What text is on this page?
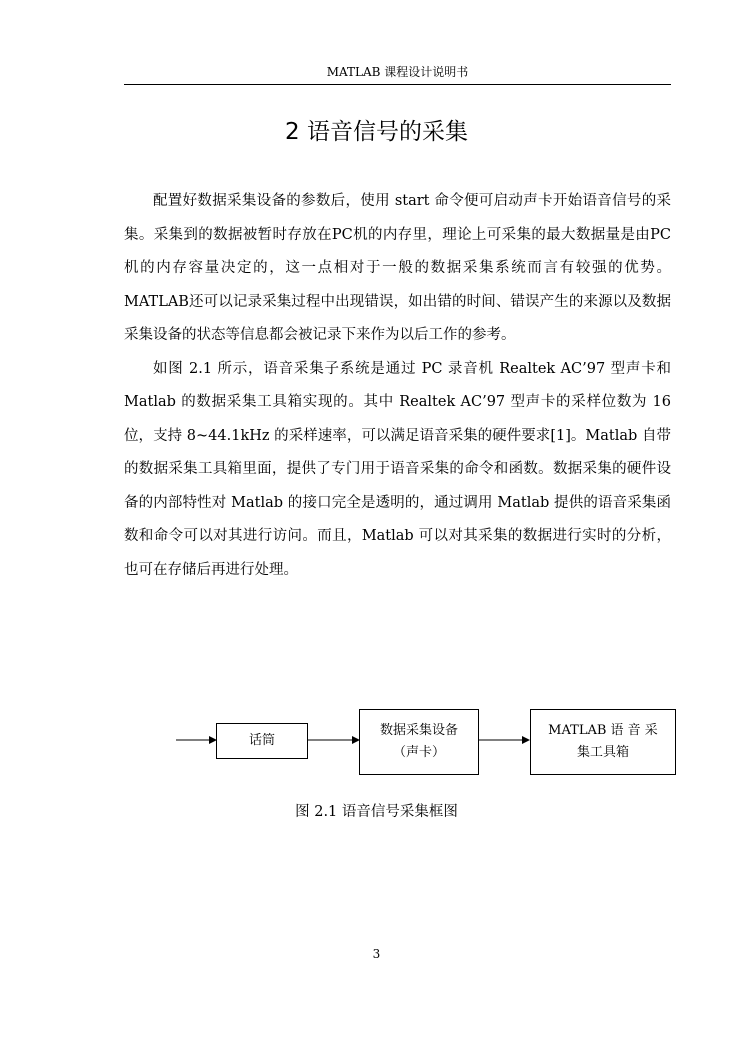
MATLAB 课程设计说明书
2 语音信号的采集

配置好数据采集设备的参数后，使用 start 命令便可启动声卡开始语音信号的采集。采集到的数据被暂时存放在PC机的内存里，理论上可采集的最大数据量是由PC机的内存容量决定的，这一点相对于一般的数据采集系统而言有较强的优势。MATLAB还可以记录采集过程中出现错误，如出错的时间、错误产生的来源以及数据采集设备的状态等信息都会被记录下来作为以后工作的参考。

如图 2.1 所示，语音采集子系统是通过 PC 录音机 Realtek AC’97 型声卡和 Matlab 的数据采集工具箱实现的。其中 Realtek AC’97 型声卡的采样位数为 16 位，支持 8~44.1kHz 的采样速率，可以满足语音采集的硬件要求[1]。Matlab 自带的数据采集工具箱里面，提供了专门用于语音采集的命令和函数。数据采集的硬件设备的内部特性对 Matlab 的接口完全是透明的，通过调用 Matlab 提供的语音采集函数和命令可以对其进行访问。而且，Matlab 可以对其采集的数据进行实时的分析，也可在存储后再进行处理。

话筒
数据采集设备
（声卡）
MATLAB 语 音 采
集工具箱
图 2.1 语音信号采集框图
3
